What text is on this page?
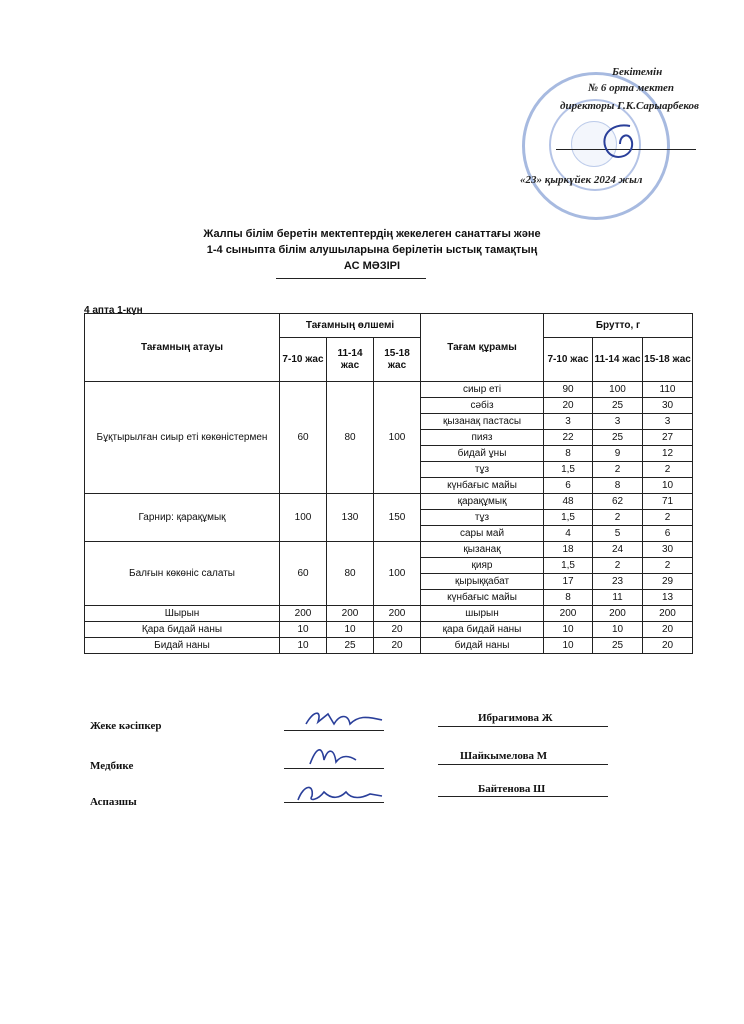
Бекітемін
№ 6 орта мектеп
директоры Г.К.Сарыарбеков
«23» қыркүйек 2024 жыл
Жалпы білім беретін мектептердің жекелеген санаттағы және
1-4 сыныпта білім алушыларына берілетін ыстық тамақтың
АС МӘЗІРІ
4 апта 1-күн
Тағамның атауы	Тағамның өлшемі			Тағам құрамы	Брутто, г		
	7-10 жас	11-14 жас	15-18 жас		7-10 жас	11-14 жас	15-18 жас
Бұқтырылған сиыр еті көкөністермен	60	80	100	сиыр еті	90	100	110
				сәбіз	20	25	30
				қызанақ пастасы	3	3	3
				пияз	22	25	27
				бидай ұны	8	9	12
				тұз	1,5	2	2
				күнбағыс майы	6	8	10
Гарнир: қарақұмық	100	130	150	қарақұмық	48	62	71
				тұз	1,5	2	2
				сары май	4	5	6
Балғын көкөніс салаты	60	80	100	қызанақ	18	24	30
				қияр	1,5	2	2
				қырыққабат	17	23	29
				күнбағыс майы	8	11	13
Шырын	200	200	200	шырын	200	200	200
Қара бидай наны	10	10	20	қара бидай наны	10	10	20
Бидай наны	10	25	20	бидай наны	10	25	20
Жеке кәсіпкер
Ибрагимова Ж
Медбике
Шайкымелова М
Аспазшы
Байтенова Ш
